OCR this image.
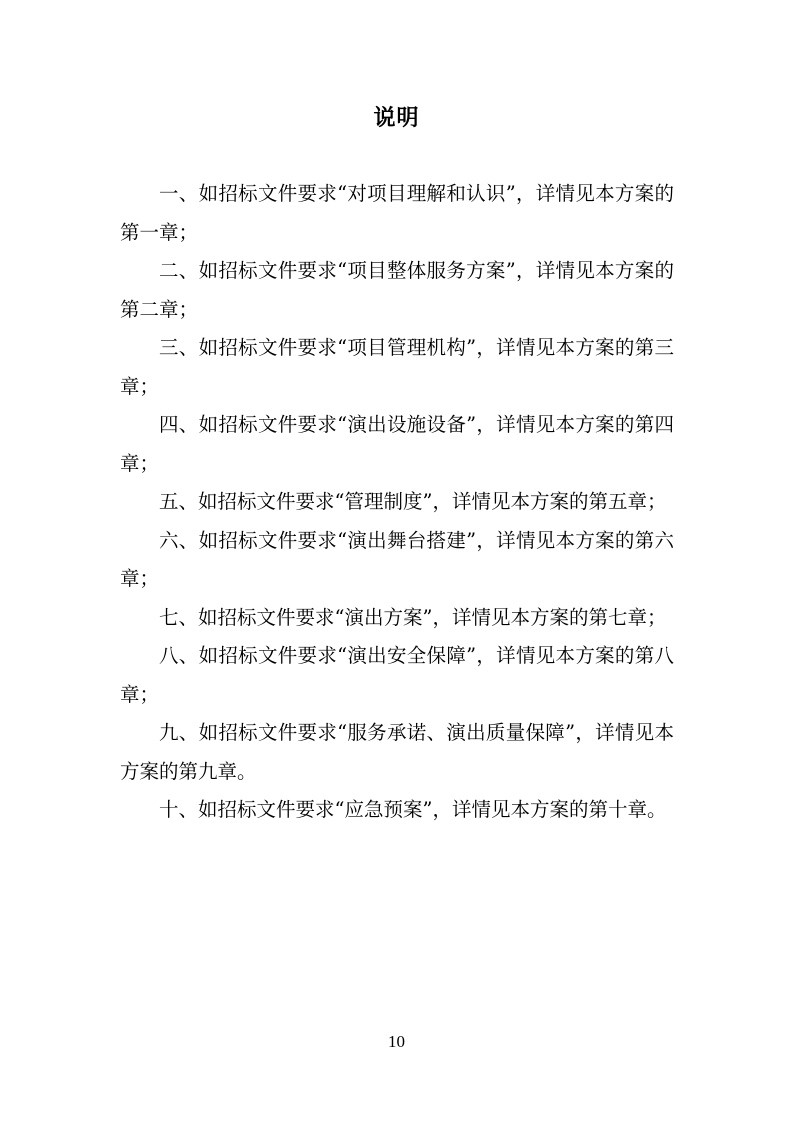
说明

一、如招标文件要求“对项目理解和认识”，详情见本方案的第一章；

二、如招标文件要求“项目整体服务方案”，详情见本方案的第二章；

三、如招标文件要求“项目管理机构”，详情见本方案的第三章；

四、如招标文件要求“演出设施设备”，详情见本方案的第四章；

五、如招标文件要求“管理制度”，详情见本方案的第五章；

六、如招标文件要求“演出舞台搭建”，详情见本方案的第六章；

七、如招标文件要求“演出方案”，详情见本方案的第七章；

八、如招标文件要求“演出安全保障”，详情见本方案的第八章；

九、如招标文件要求“服务承诺、演出质量保障”，详情见本方案的第九章。

十、如招标文件要求“应急预案”，详情见本方案的第十章。

10
